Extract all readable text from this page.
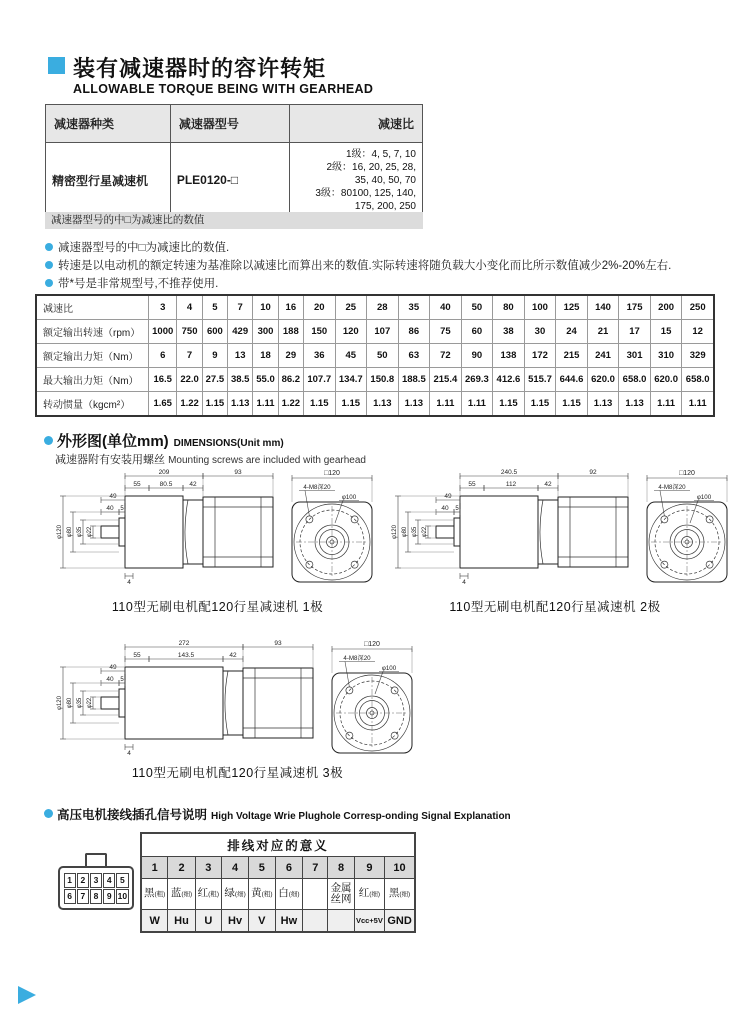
装有减速器时的容许转矩
ALLOWABLE TORQUE BEING WITH GEARHEAD
减速器种类	减速器型号	减速比
精密型行星减速机	PLE0120-□	1级：4, 5, 7, 10
2级：16, 20, 25, 28,
35, 40, 50, 70
3级：80100, 125, 140,
175, 200, 250
减速器型号的中□为减速比的数值
减速器型号的中□为减速比的数值.
转速是以电动机的额定转速为基准除以减速比而算出来的数值.实际转速将随负载大小变化而比所示数值减少2%-20%左右.
带*号是非常规型号,不推荐使用.
减速比	3	4	5	7	10	16	20	25	28	35	40	50	80	100	125	140	175	200	250
额定输出转速（rpm）	1000	750	600	429	300	188	150	120	107	86	75	60	38	30	24	21	17	15	12
额定输出力矩（Nm）	6	7	9	13	18	29	36	45	50	63	72	90	138	172	215	241	301	310	329
最大输出力矩（Nm）	16.5	22.0	27.5	38.5	55.0	86.2	107.7	134.7	150.8	188.5	215.4	269.3	412.6	515.7	644.6	620.0	658.0	620.0	658.0
转动惯量（kgcm²）	1.65	1.22	1.15	1.13	1.11	1.22	1.15	1.15	1.13	1.13	1.11	1.11	1.15	1.15	1.15	1.13	1.13	1.11	1.11
外形图(单位mm) DIMENSIONS(Unit mm)
减速器附有安装用螺丝 Mounting screws are included with gearhead
209	93
55	80.5	42
49
40 5
φ120 φ80 φ35 φ22
4
□120
4-M8深20
φ100
110型无刷电机配120行星减速机 1极
240.5	92
55	112	42
49
40 5
φ120 φ80 φ35 φ22
4
□120
4-M8深20
φ100
110型无刷电机配120行星减速机 2极
272	93
55	143.5	42
49
40 5
φ120 φ80 φ35 φ22
4
□120
4-M8深20
φ100
110型无刷电机配120行星减速机 3极
高压电机接线插孔信号说明 High Voltage Wrie Plughole Corresp-onding Signal Explanation
1 2 3 4 5
6 7 8 9 10
排线对应的意义									
1	2	3	4	5	6	7	8	9	10
黑(粗)	蓝(细)	红(粗)	绿(细)	黄(粗)	白(细)		金属丝网	红(细)	黑(细)
W	Hu	U	Hv	V	Hw			Vcc+5V	GND
